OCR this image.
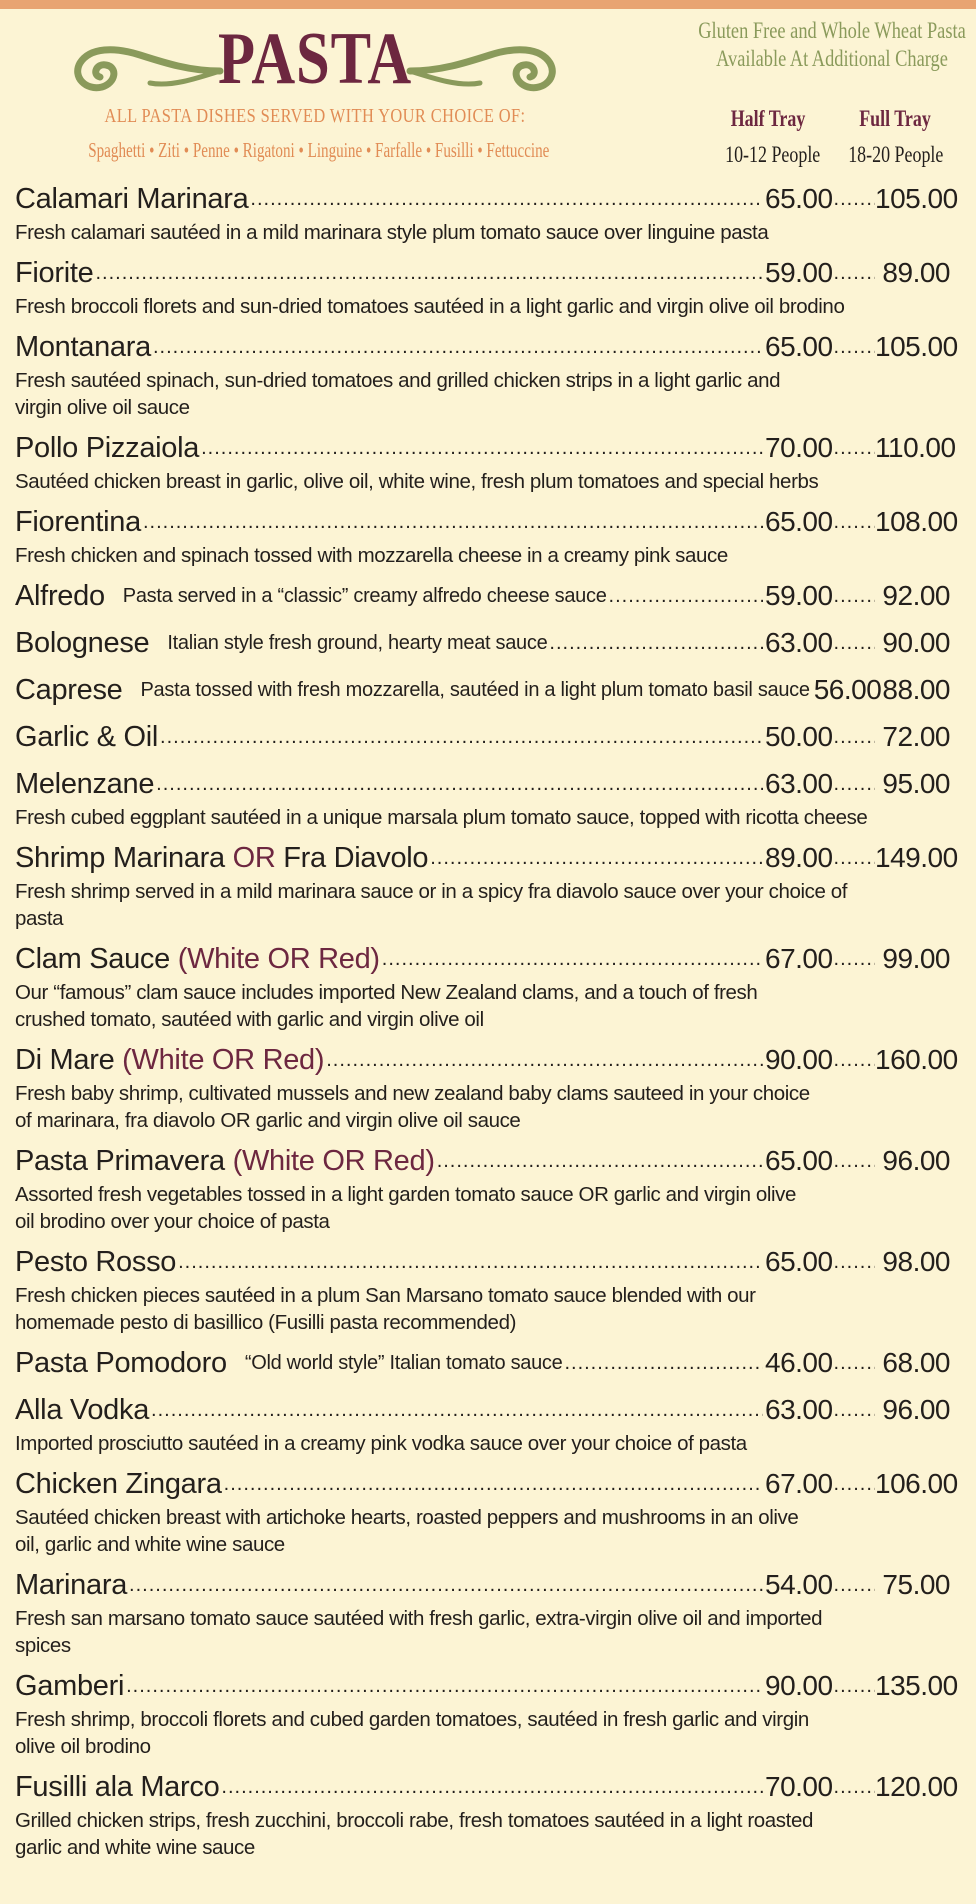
PASTA
ALL PASTA DISHES SERVED WITH YOUR CHOICE OF:
Spaghetti • Ziti • Penne • Rigatoni • Linguine • Farfalle • Fusilli • Fettuccine
Gluten Free and Whole Wheat Pasta
Available At Additional Charge
Half Tray
10-12 People
Full Tray
18-20 People
Calamari Marinara .....	65.00 ..... 105.00
Fresh calamari sautéed in a mild marinara style plum tomato sauce over linguine pasta
Fiorite .....	59.00 ..... 89.00
Fresh broccoli florets and sun-dried tomatoes sautéed in a light garlic and virgin olive oil brodino
Montanara .....	65.00 ..... 105.00
Fresh sautéed spinach, sun-dried tomatoes and grilled chicken strips in a light garlic and virgin olive oil sauce
Pollo Pizzaiola .....	70.00 ..... 110.00
Sautéed chicken breast in garlic, olive oil, white wine, fresh plum tomatoes and special herbs
Fiorentina .....	65.00 ..... 108.00
Fresh chicken and spinach tossed with mozzarella cheese in a creamy pink sauce
Alfredo Pasta served in a “classic” creamy alfredo cheese sauce .....	59.00 ..... 92.00
Bolognese Italian style fresh ground, hearty meat sauce .....	63.00 ..... 90.00
Caprese Pasta tossed with fresh mozzarella, sautéed in a light plum tomato basil sauce 56.00 ..... 88.00
Garlic & Oil .....	50.00 ..... 72.00
Melenzane .....	63.00 ..... 95.00
Fresh cubed eggplant sautéed in a unique marsala plum tomato sauce, topped with ricotta cheese
Shrimp Marinara OR Fra Diavolo .....	89.00 ..... 149.00
Fresh shrimp served in a mild marinara sauce or in a spicy fra diavolo sauce over your choice of pasta
Clam Sauce (White OR Red) .....	67.00 ..... 99.00
Our “famous” clam sauce includes imported New Zealand clams, and a touch of fresh crushed tomato, sautéed with garlic and virgin olive oil
Di Mare (White OR Red) .....	90.00 ..... 160.00
Fresh baby shrimp, cultivated mussels and new zealand baby clams sauteed in your choice of marinara, fra diavolo OR garlic and virgin olive oil sauce
Pasta Primavera (White OR Red) .....	65.00 ..... 96.00
Assorted fresh vegetables tossed in a light garden tomato sauce OR garlic and virgin olive oil brodino over your choice of pasta
Pesto Rosso .....	65.00 ..... 98.00
Fresh chicken pieces sautéed in a plum San Marsano tomato sauce blended with our homemade pesto di basillico (Fusilli pasta recommended)
Pasta Pomodoro “Old world style” Italian tomato sauce .....	46.00 ..... 68.00
Alla Vodka .....	63.00 ..... 96.00
Imported prosciutto sautéed in a creamy pink vodka sauce over your choice of pasta
Chicken Zingara .....	67.00 ..... 106.00
Sautéed chicken breast with artichoke hearts, roasted peppers and mushrooms in an olive oil, garlic and white wine sauce
Marinara .....	54.00 ..... 75.00
Fresh san marsano tomato sauce sautéed with fresh garlic, extra-virgin olive oil and imported spices
Gamberi .....	90.00 ..... 135.00
Fresh shrimp, broccoli florets and cubed garden tomatoes, sautéed in fresh garlic and virgin olive oil brodino
Fusilli ala Marco .....	70.00 ..... 120.00
Grilled chicken strips, fresh zucchini, broccoli rabe, fresh tomatoes sautéed in a light roasted garlic and white wine sauce
